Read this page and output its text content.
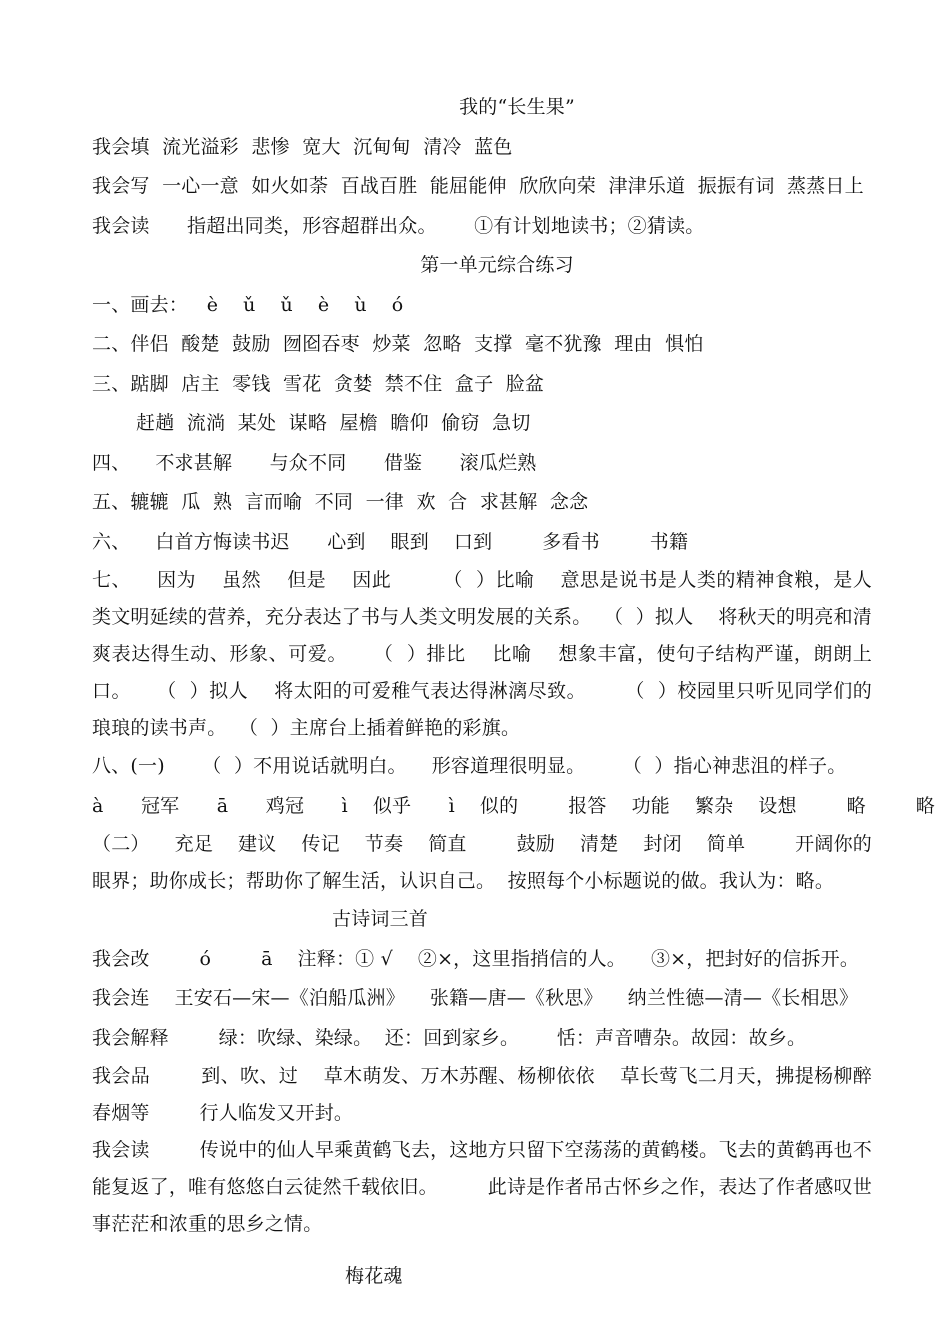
我的“长生果”
我会填  流光溢彩  悲惨  宽大  沉甸甸  清冷  蓝色
我会写  一心一意  如火如荼  百战百胜  能屈能伸  欣欣向荣  津津乐道  振振有词  蒸蒸日上
我会读      指超出同类，形容超群出众。      ①有计划地读书；②猜读。
第一单元综合练习
一、画去：   è    ǔ    ǔ    è    ù    ó
二、伴侣  酸楚  鼓励  囫囵吞枣  炒菜  忽略  支撑  毫不犹豫  理由  惧怕
三、踮脚  店主  零钱  雪花  贪婪  禁不住  盒子  脸盆
赶趟  流淌  某处  谋略  屋檐  瞻仰  偷窃  急切
四、    不求甚解      与众不同      借鉴      滚瓜烂熟
五、辘辘  瓜  熟  言而喻  不同  一律  欢  合  求甚解  念念
六、    白首方悔读书迟      心到    眼到    口到        多看书        书籍
七、    因为    虽然    但是    因此        （  ）比喻    意思是说书是人类的精神食粮，是人类文明延续的营养，充分表达了书与人类文明发展的关系。  （  ）拟人    将秋天的明亮和清爽表达得生动、形象、可爱。    （  ）排比    比喻    想象丰富，使句子结构严谨，朗朗上口。    （  ）拟人    将太阳的可爱稚气表达得淋漓尽致。      （  ）校园里只听见同学们的琅琅的读书声。  （  ）主席台上插着鲜艳的彩旗。
八、(一)      （  ）不用说话就明白。    形容道理很明显。      （  ）指心神悲沮的样子。
à      冠军      ā      鸡冠      ì    似乎      ì    似的        报答    功能    繁杂    设想        略        略
（二）    充足    建议    传记    节奏    简直        鼓励    清楚    封闭    简单        开阔你的眼界；助你成长；帮助你了解生活，认识自己。  按照每个小标题说的做。我认为：略。
古诗词三首
我会改        ó        ā    注释：① √    ②×，这里指捎信的人。    ③×，把封好的信拆开。
我会连    王安石—宋—《泊船瓜洲》    张籍—唐—《秋思》    纳兰性德—清—《长相思》
我会解释        绿：吹绿、染绿。  还：回到家乡。      恬：声音嘈杂。故园：故乡。
我会品        到、吹、过    草木萌发、万木苏醒、杨柳依依    草长莺飞二月天，拂提杨柳醉春烟等        行人临发又开封。
我会读        传说中的仙人早乘黄鹤飞去，这地方只留下空荡荡的黄鹤楼。飞去的黄鹤再也不能复返了，唯有悠悠白云徒然千载依旧。        此诗是作者吊古怀乡之作，表达了作者感叹世事茫茫和浓重的思乡之情。
梅花魂
